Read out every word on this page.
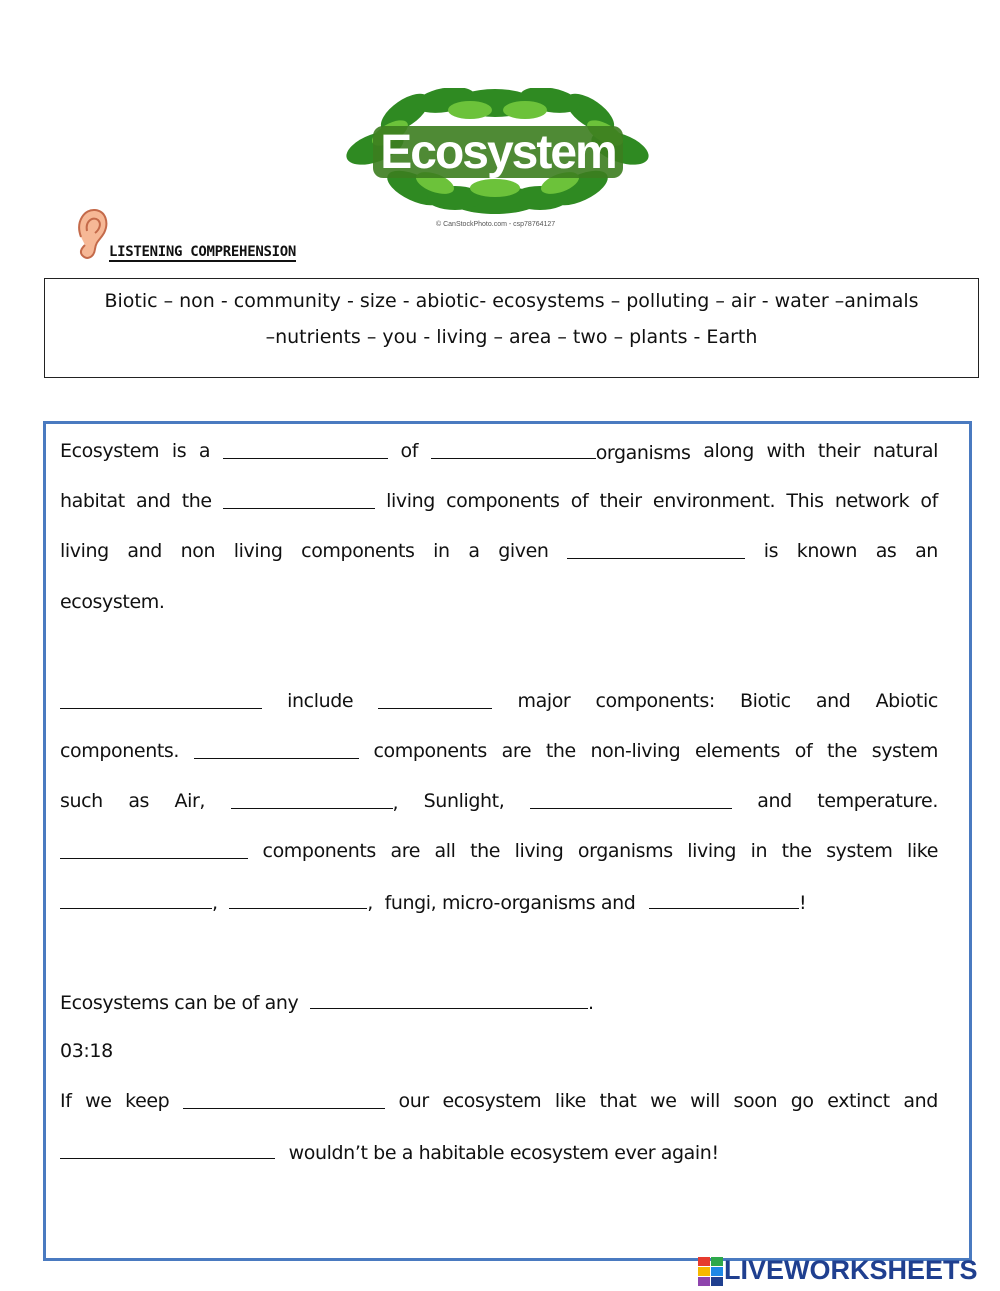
Ecosystem
© CanStockPhoto.com - csp78764127
LISTENING COMPREHENSION
Biotic – non - community - size - abiotic- ecosystems – polluting – air - water –animals
–nutrients – you - living – area – two – plants - Earth
Ecosystem is a	of	organisms along with their natural
habitat and the	living components of their environment. This network of
living and non living components in a given	is known as an
ecosystem.
include	major components: Biotic and Abiotic
components.	components are the non-living elements of the system
such as Air,	, Sunlight,	and temperature.
components are all the living organisms living in the system like
,	, fungi, micro-organisms and	!
Ecosystems can be of any	.
03:18
If we keep	our ecosystem like that we will soon go extinct and
wouldn’t be a habitable ecosystem ever again!
LIVEWORKSHEETS
